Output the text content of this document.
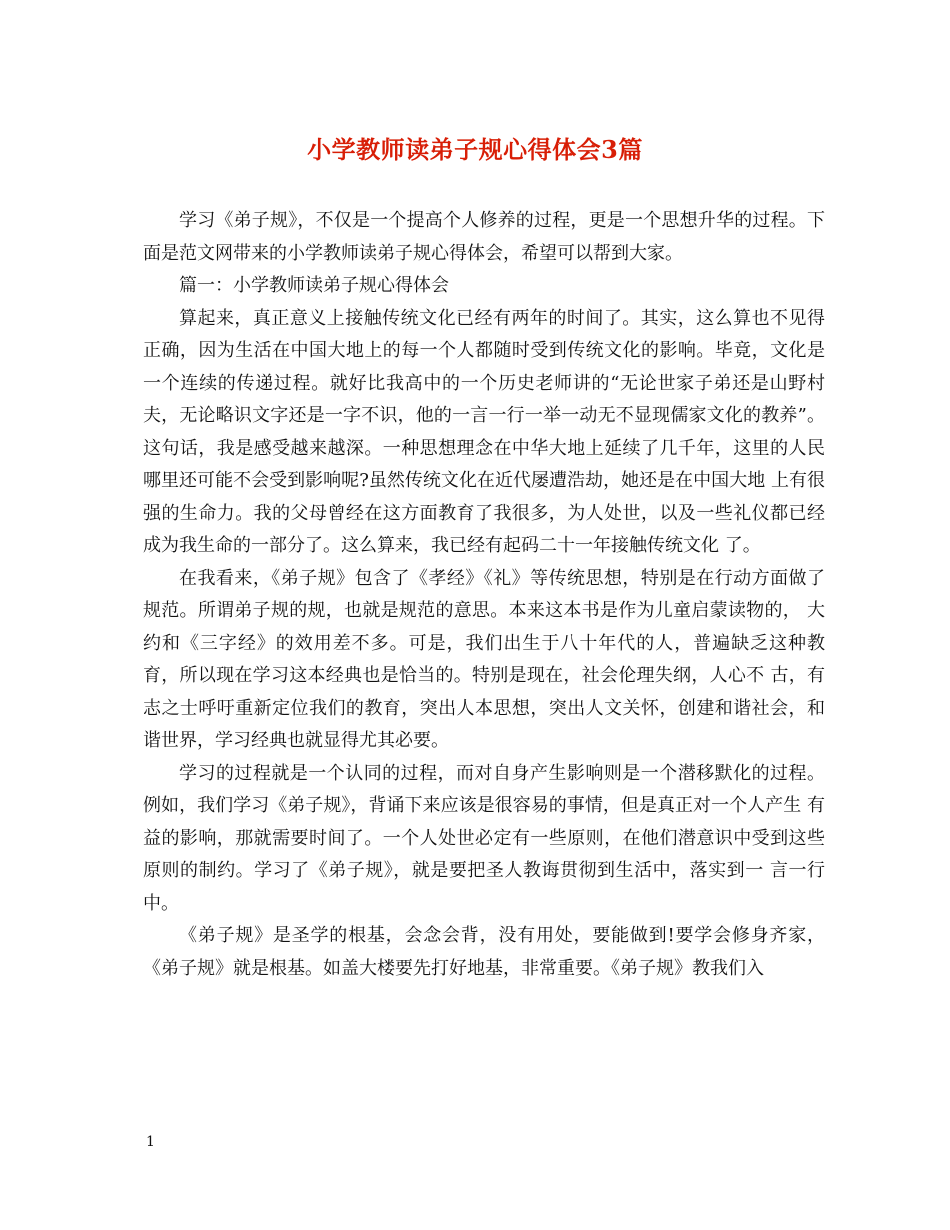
小学教师读弟子规心得体会3篇

学习《弟子规》，不仅是一个提高个人修养的过程，更是一个思想升华的过程。下面是范文网带来的小学教师读弟子规心得体会，希望可以帮到大家。

篇一：小学教师读弟子规心得体会

算起来，真正意义上接触传统文化已经有两年的时间了。其实，这么算也不见得正确，因为生活在中国大地上的每一个人都随时受到传统文化的影响。毕竟，文化是一个连续的传递过程。就好比我高中的一个历史老师讲的“无论世家子弟还是山野村夫，无论略识文字还是一字不识，他的一言一行一举一动无不显现儒家文化的教养”。 这句话，我是感受越来越深。一种思想理念在中华大地上延续了几千年，这里的人民哪里还可能不会受到影响呢?虽然传统文化在近代屡遭浩劫，她还是在中国大地 上有很强的生命力。我的父母曾经在这方面教育了我很多，为人处世，以及一些礼仪都已经成为我生命的一部分了。这么算来，我已经有起码二十一年接触传统文化 了。

在我看来，《弟子规》包含了《孝经》《礼》等传统思想，特别是在行动方面做了规范。所谓弟子规的规，也就是规范的意思。本来这本书是作为儿童启蒙读物的， 大约和《三字经》的效用差不多。可是，我们出生于八十年代的人，普遍缺乏这种教育，所以现在学习这本经典也是恰当的。特别是现在，社会伦理失纲，人心不 古，有志之士呼吁重新定位我们的教育，突出人本思想，突出人文关怀，创建和谐社会，和谐世界，学习经典也就显得尤其必要。

学习的过程就是一个认同的过程，而对自身产生影响则是一个潜移默化的过程。例如，我们学习《弟子规》，背诵下来应该是很容易的事情，但是真正对一个人产生 有益的影响，那就需要时间了。一个人处世必定有一些原则，在他们潜意识中受到这些原则的制约。学习了《弟子规》，就是要把圣人教诲贯彻到生活中，落实到一 言一行中。

《弟子规》是圣学的根基，会念会背，没有用处，要能做到!要学会修身齐家，《弟子规》就是根基。如盖大楼要先打好地基，非常重要。《弟子规》教我们入

1
